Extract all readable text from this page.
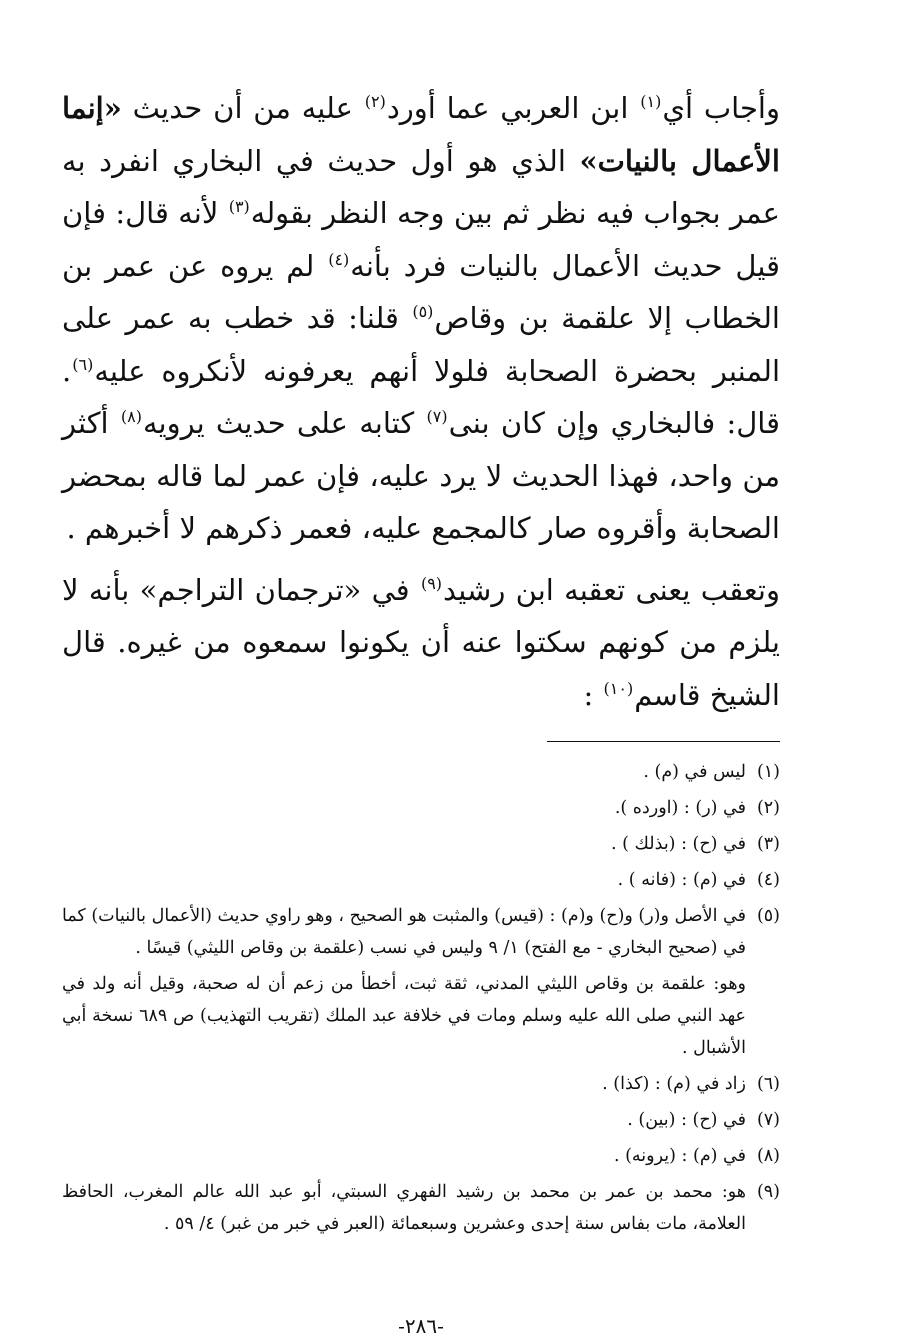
وأجاب أي$^{(١)}$ ابن العربي عما أورد$^{(٢)}$ عليه من أن حديث «إنما الأعمال بالنيات» الذي هو أول حديث في البخاري انفرد به عمر بجواب فيه نظر ثم بين وجه النظر بقوله$^{(٣)}$ لأنه قال: فإن قيل حديث الأعمال بالنيات فرد بأنه$^{(٤)}$ لم يروه عن عمر بن الخطاب إلا علقمة بن وقاص$^{(٥)}$ قلنا: قد خطب به عمر على المنبر بحضرة الصحابة فلولا أنهم يعرفونه لأنكروه عليه$^{(٦)}$. قال: فالبخاري وإن كان بنى$^{(٧)}$ كتابه على حديث يرويه$^{(٨)}$ أكثر من واحد، فهذا الحديث لا يرد عليه، فإن عمر لما قاله بمحضر الصحابة وأقروه صار كالمجمع عليه، فعمر ذكرهم لا أخبرهم .

وتعقب يعنى تعقبه ابن رشيد$^{(٩)}$ في «ترجمان التراجم» بأنه لا يلزم من كونهم سكتوا عنه أن يكونوا سمعوه من غيره. قال الشيخ قاسم$^{(١٠)}$ :

(١)
ليس في (م) .
(٢)
في (ر) : (اورده ).
(٣)
في (ح) : (بذلك ) .
(٤)
في (م) : (فانه ) .
(٥)
في الأصل و(ر) و(ح) و(م) : (قيس) والمثبت هو الصحيح ، وهو راوي حديث (الأعمال بالنيات) كما في (صحيح البخاري - مع الفتح) ١/ ٩ وليس في نسب (علقمة بن وقاص الليثي) قيسًا .
وهو: علقمة بن وقاص الليثي المدني، ثقة ثبت، أخطأ من زعم أن له صحبة، وقيل أنه ولد في عهد النبي صلى الله عليه وسلم ومات في خلافة عبد الملك (تقريب التهذيب) ص ٦٨٩ نسخة أبي الأشبال .
(٦)
زاد في (م) : (كذا) .
(٧)
في (ح) : (بين) .
(٨)
في (م) : (يرونه) .
(٩)
هو: محمد بن عمر بن محمد بن رشيد الفهري السبتي، أبو عبد الله عالم المغرب، الحافظ العلامة، مات بفاس سنة إحدى وعشرين وسبعمائة (العبر في خبر من غبر) ٤/ ٥٩ .
-٢٨٦-
